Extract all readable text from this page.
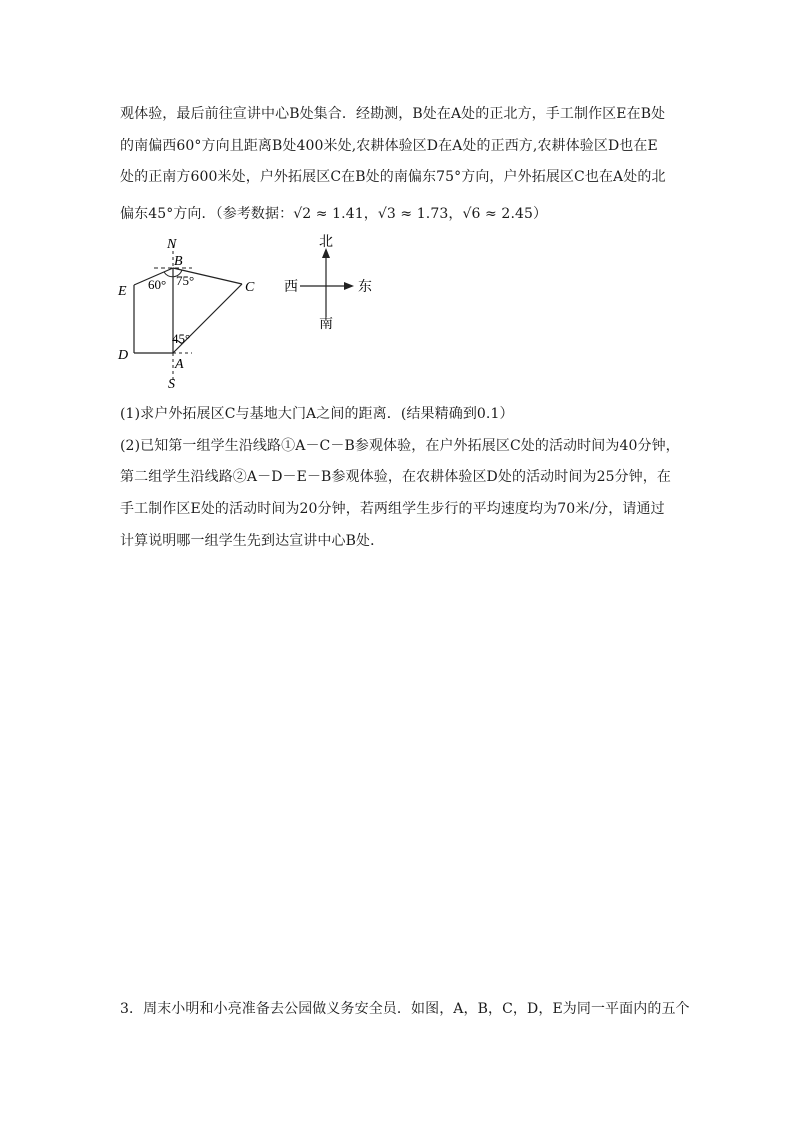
观体验，最后前往宣讲中心B处集合．经勘测，B处在A处的正北方，手工制作区E在B处
的南偏西60°方向且距离B处400米处,农耕体验区D在A处的正西方,农耕体验区D也在E
处的正南方600米处，户外拓展区C在B处的南偏东75°方向，户外拓展区C也在A处的北
偏东45°方向．（参考数据：√2 ≈ 1.41，√3 ≈ 1.73，√6 ≈ 2.45）
N
B
E	C
D
A
S
60° 75°
45°
北
南
西	东
(1)求户外拓展区C与基地大门A之间的距离．(结果精确到0.1）
(2)已知第一组学生沿线路①A－C－B参观体验，在户外拓展区C处的活动时间为40分钟，
第二组学生沿线路②A－D－E－B参观体验，在农耕体验区D处的活动时间为25分钟，在
手工制作区E处的活动时间为20分钟，若两组学生步行的平均速度均为70米/分，请通过
计算说明哪一组学生先到达宣讲中心B处．
3．周末小明和小亮准备去公园做义务安全员．如图，A，B，C，D，E为同一平面内的五个
